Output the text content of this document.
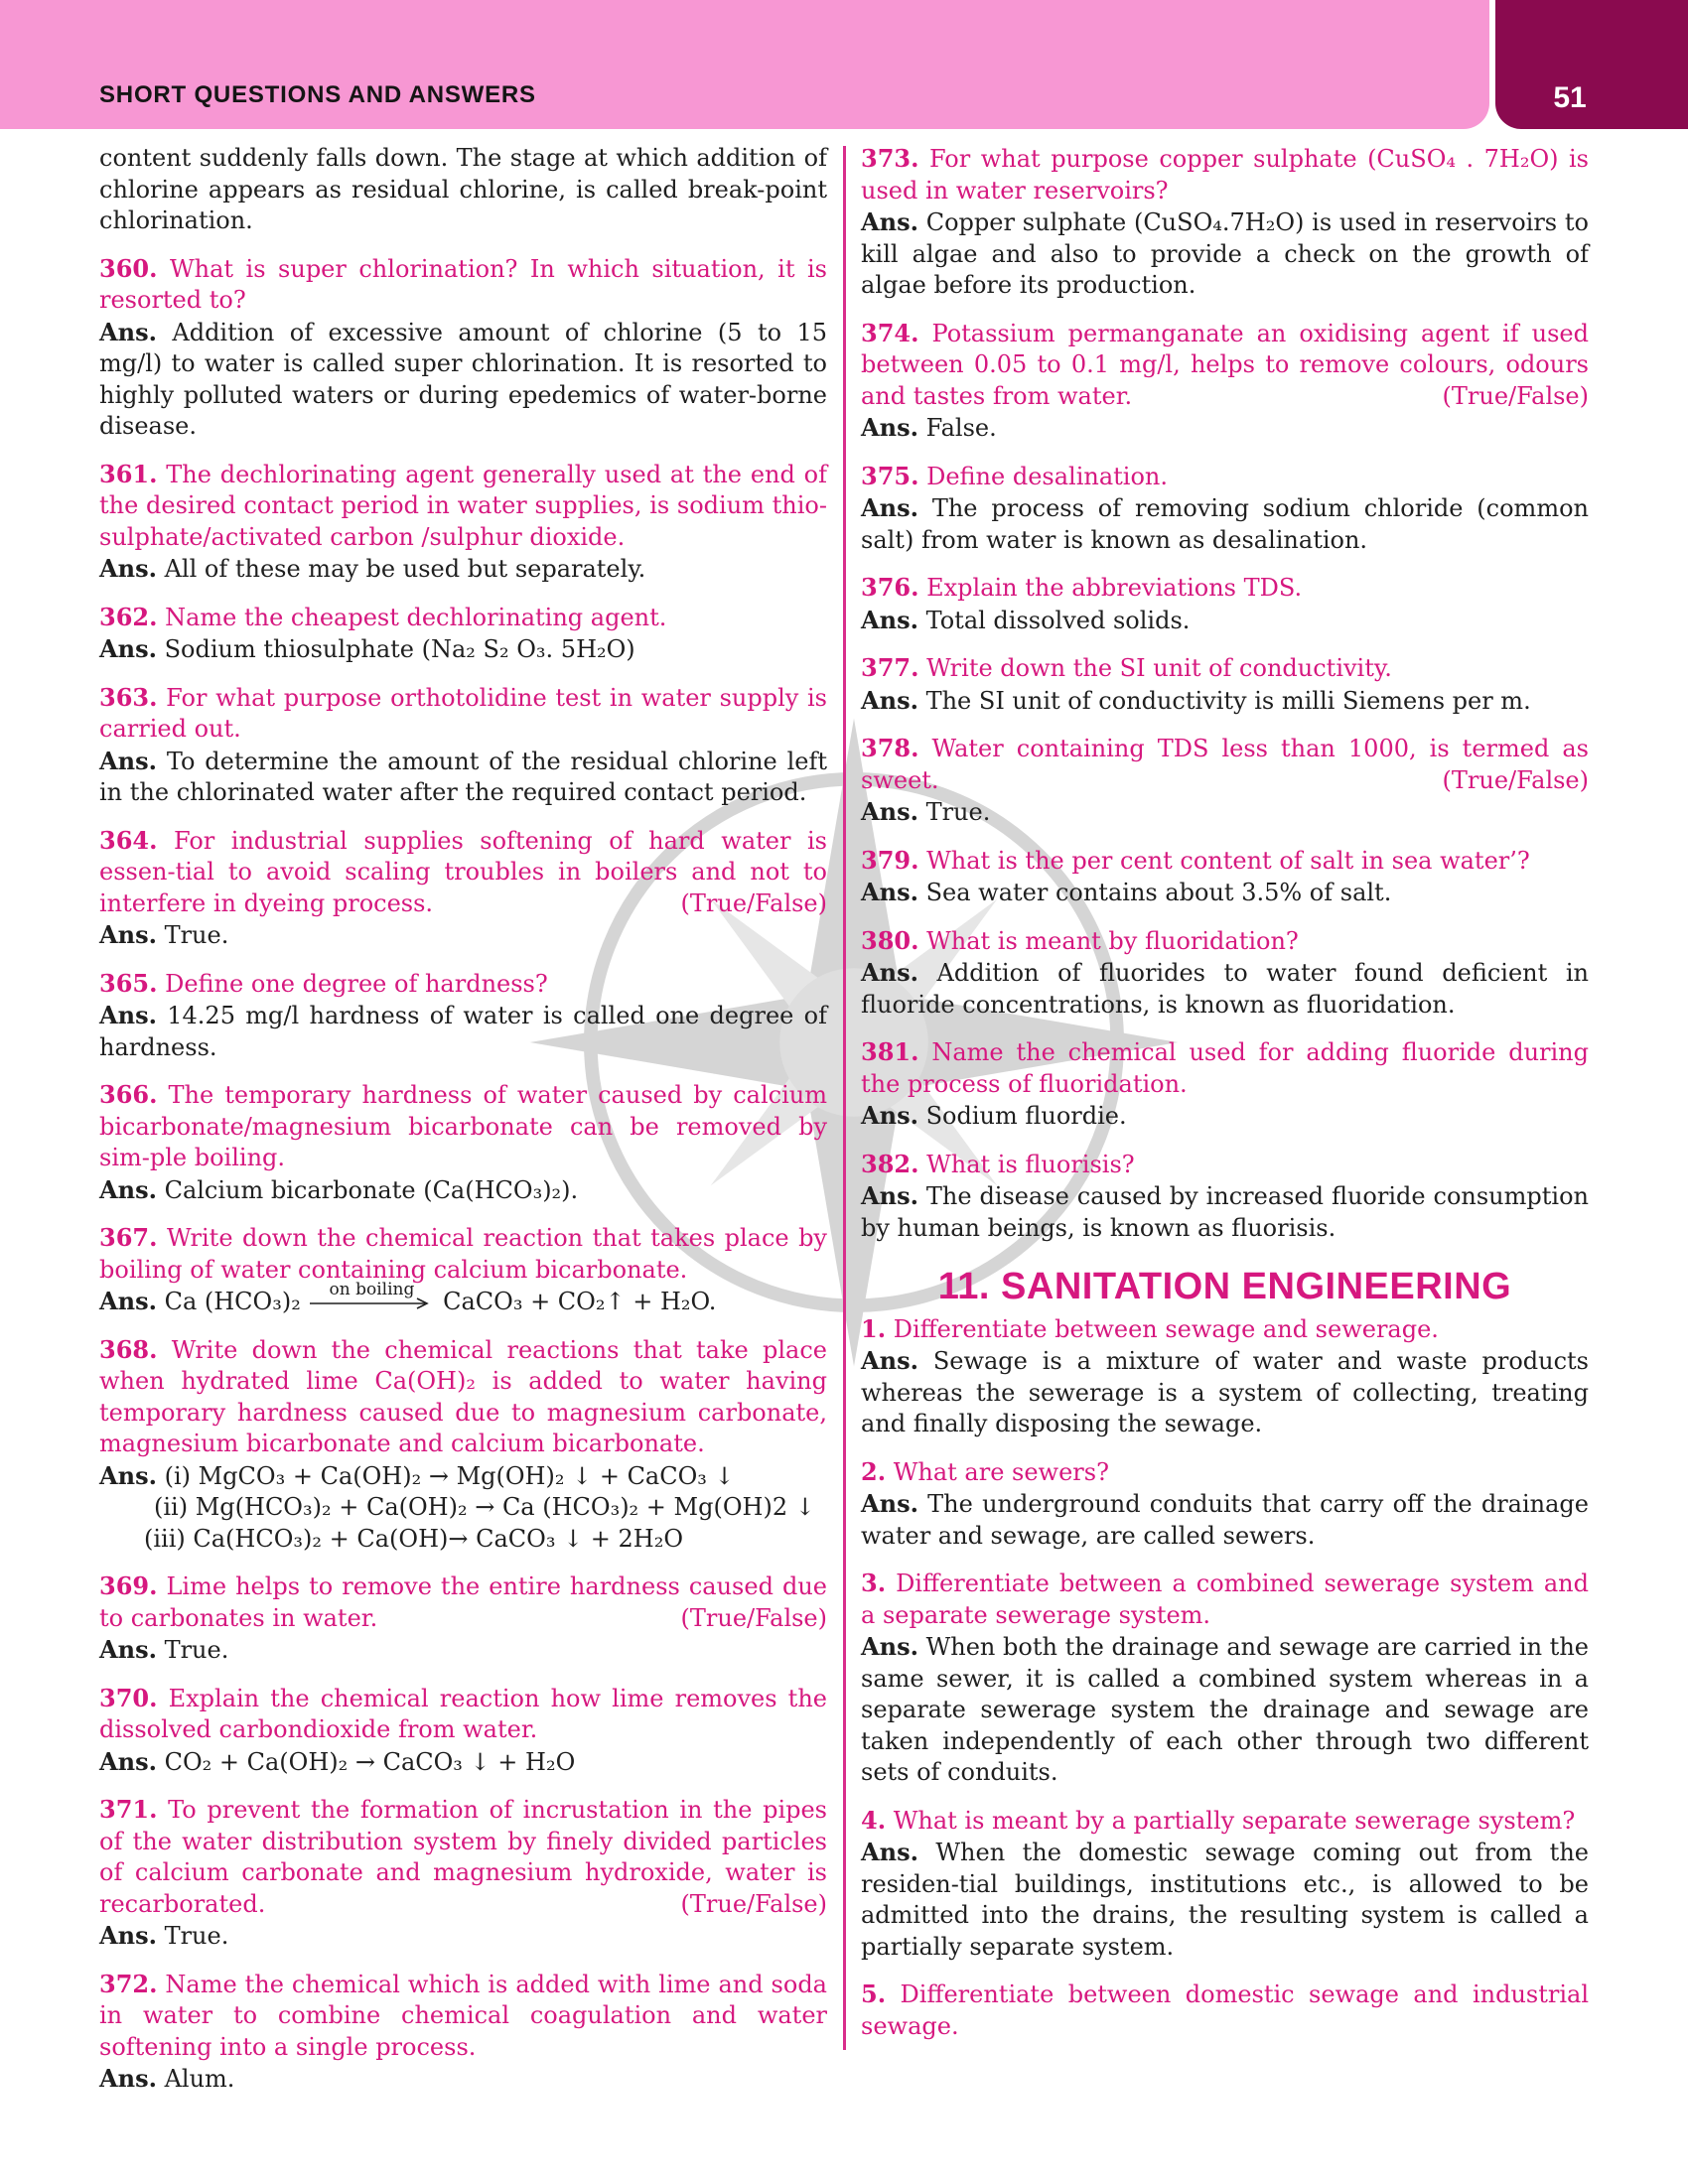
SHORT QUESTIONS AND ANSWERS	51

content suddenly falls down. The stage at which addition of chlorine appears as residual chlorine, is called break-point chlorination.

360. What is super chlorination? In which situation, it is resorted to?

Ans. Addition of excessive amount of chlorine (5 to 15 mg/l) to water is called super chlorination. It is resorted to highly polluted waters or during epedemics of water-borne disease.

361. The dechlorinating agent generally used at the end of the desired contact period in water supplies, is sodium thio-sulphate/activated carbon /sulphur dioxide.

Ans. All of these may be used but separately.

362. Name the cheapest dechlorinating agent.

Ans. Sodium thiosulphate (Na₂ S₂ O₃. 5H₂O)

363. For what purpose orthotolidine test in water supply is carried out.

Ans. To determine the amount of the residual chlorine left in the chlorinated water after the required contact period.

364. For industrial supplies softening of hard water is essen-tial to avoid scaling troubles in boilers and not to interfere in dyeing process.	(True/False)

Ans. True.

365. Define one degree of hardness?

Ans. 14.25 mg/l hardness of water is called one degree of hardness.

366. The temporary hardness of water caused by calcium bicarbonate/magnesium bicarbonate can be removed by sim-ple boiling.

Ans. Calcium bicarbonate (Ca(HCO₃)₂).

367. Write down the chemical reaction that takes place by boiling of water containing calcium bicarbonate.

Ans. Ca (HCO₃)₂	on boiling	CaCO₃ + CO₂↑ + H₂O.

368. Write down the chemical reactions that take place when hydrated lime Ca(OH)₂ is added to water having temporary hardness caused due to magnesium carbonate, magnesium bicarbonate and calcium bicarbonate.

Ans. (i) MgCO₃ + Ca(OH)₂ → Mg(OH)₂ ↓ + CaCO₃ ↓

(ii) Mg(HCO₃)₂ + Ca(OH)₂ → Ca (HCO₃)₂ + Mg(OH)2 ↓

(iii) Ca(HCO₃)₂ + Ca(OH)→ CaCO₃ ↓ + 2H₂O

369. Lime helps to remove the entire hardness caused due to carbonates in water.	(True/False)

Ans. True.

370. Explain the chemical reaction how lime removes the dissolved carbondioxide from water.

Ans. CO₂ + Ca(OH)₂ → CaCO₃ ↓ + H₂O

371. To prevent the formation of incrustation in the pipes of the water distribution system by finely divided particles of calcium carbonate and magnesium hydroxide, water is recarborated.	(True/False)

Ans. True.

372. Name the chemical which is added with lime and soda in water to combine chemical coagulation and water softening into a single process.

Ans. Alum.

373. For what purpose copper sulphate (CuSO₄ . 7H₂O) is used in water reservoirs?

Ans. Copper sulphate (CuSO₄.7H₂O) is used in reservoirs to kill algae and also to provide a check on the growth of algae before its production.

374. Potassium permanganate an oxidising agent if used between 0.05 to 0.1 mg/l, helps to remove colours, odours and tastes from water.	(True/False)

Ans. False.

375. Define desalination.

Ans. The process of removing sodium chloride (common salt) from water is known as desalination.

376. Explain the abbreviations TDS.

Ans. Total dissolved solids.

377. Write down the SI unit of conductivity.

Ans. The SI unit of conductivity is milli Siemens per m.

378. Water containing TDS less than 1000, is termed as sweet.	(True/False)

Ans. True.

379. What is the per cent content of salt in sea water’?

Ans. Sea water contains about 3.5% of salt.

380. What is meant by fluoridation?

Ans. Addition of fluorides to water found deficient in fluoride concentrations, is known as fluoridation.

381. Name the chemical used for adding fluoride during the process of fluoridation.

Ans. Sodium fluordie.

382. What is fluorisis?

Ans. The disease caused by increased fluoride consumption by human beings, is known as fluorisis.

11. SANITATION ENGINEERING

1. Differentiate between sewage and sewerage.

Ans. Sewage is a mixture of water and waste products whereas the sewerage is a system of collecting, treating and finally disposing the sewage.

2. What are sewers?

Ans. The underground conduits that carry off the drainage water and sewage, are called sewers.

3. Differentiate between a combined sewerage system and a separate sewerage system.

Ans. When both the drainage and sewage are carried in the same sewer, it is called a combined system whereas in a separate sewerage system the drainage and sewage are taken independently of each other through two different sets of conduits.

4. What is meant by a partially separate sewerage system?

Ans. When the domestic sewage coming out from the residen-tial buildings, institutions etc., is allowed to be admitted into the drains, the resulting system is called a partially separate system.

5. Differentiate between domestic sewage and industrial sewage.
